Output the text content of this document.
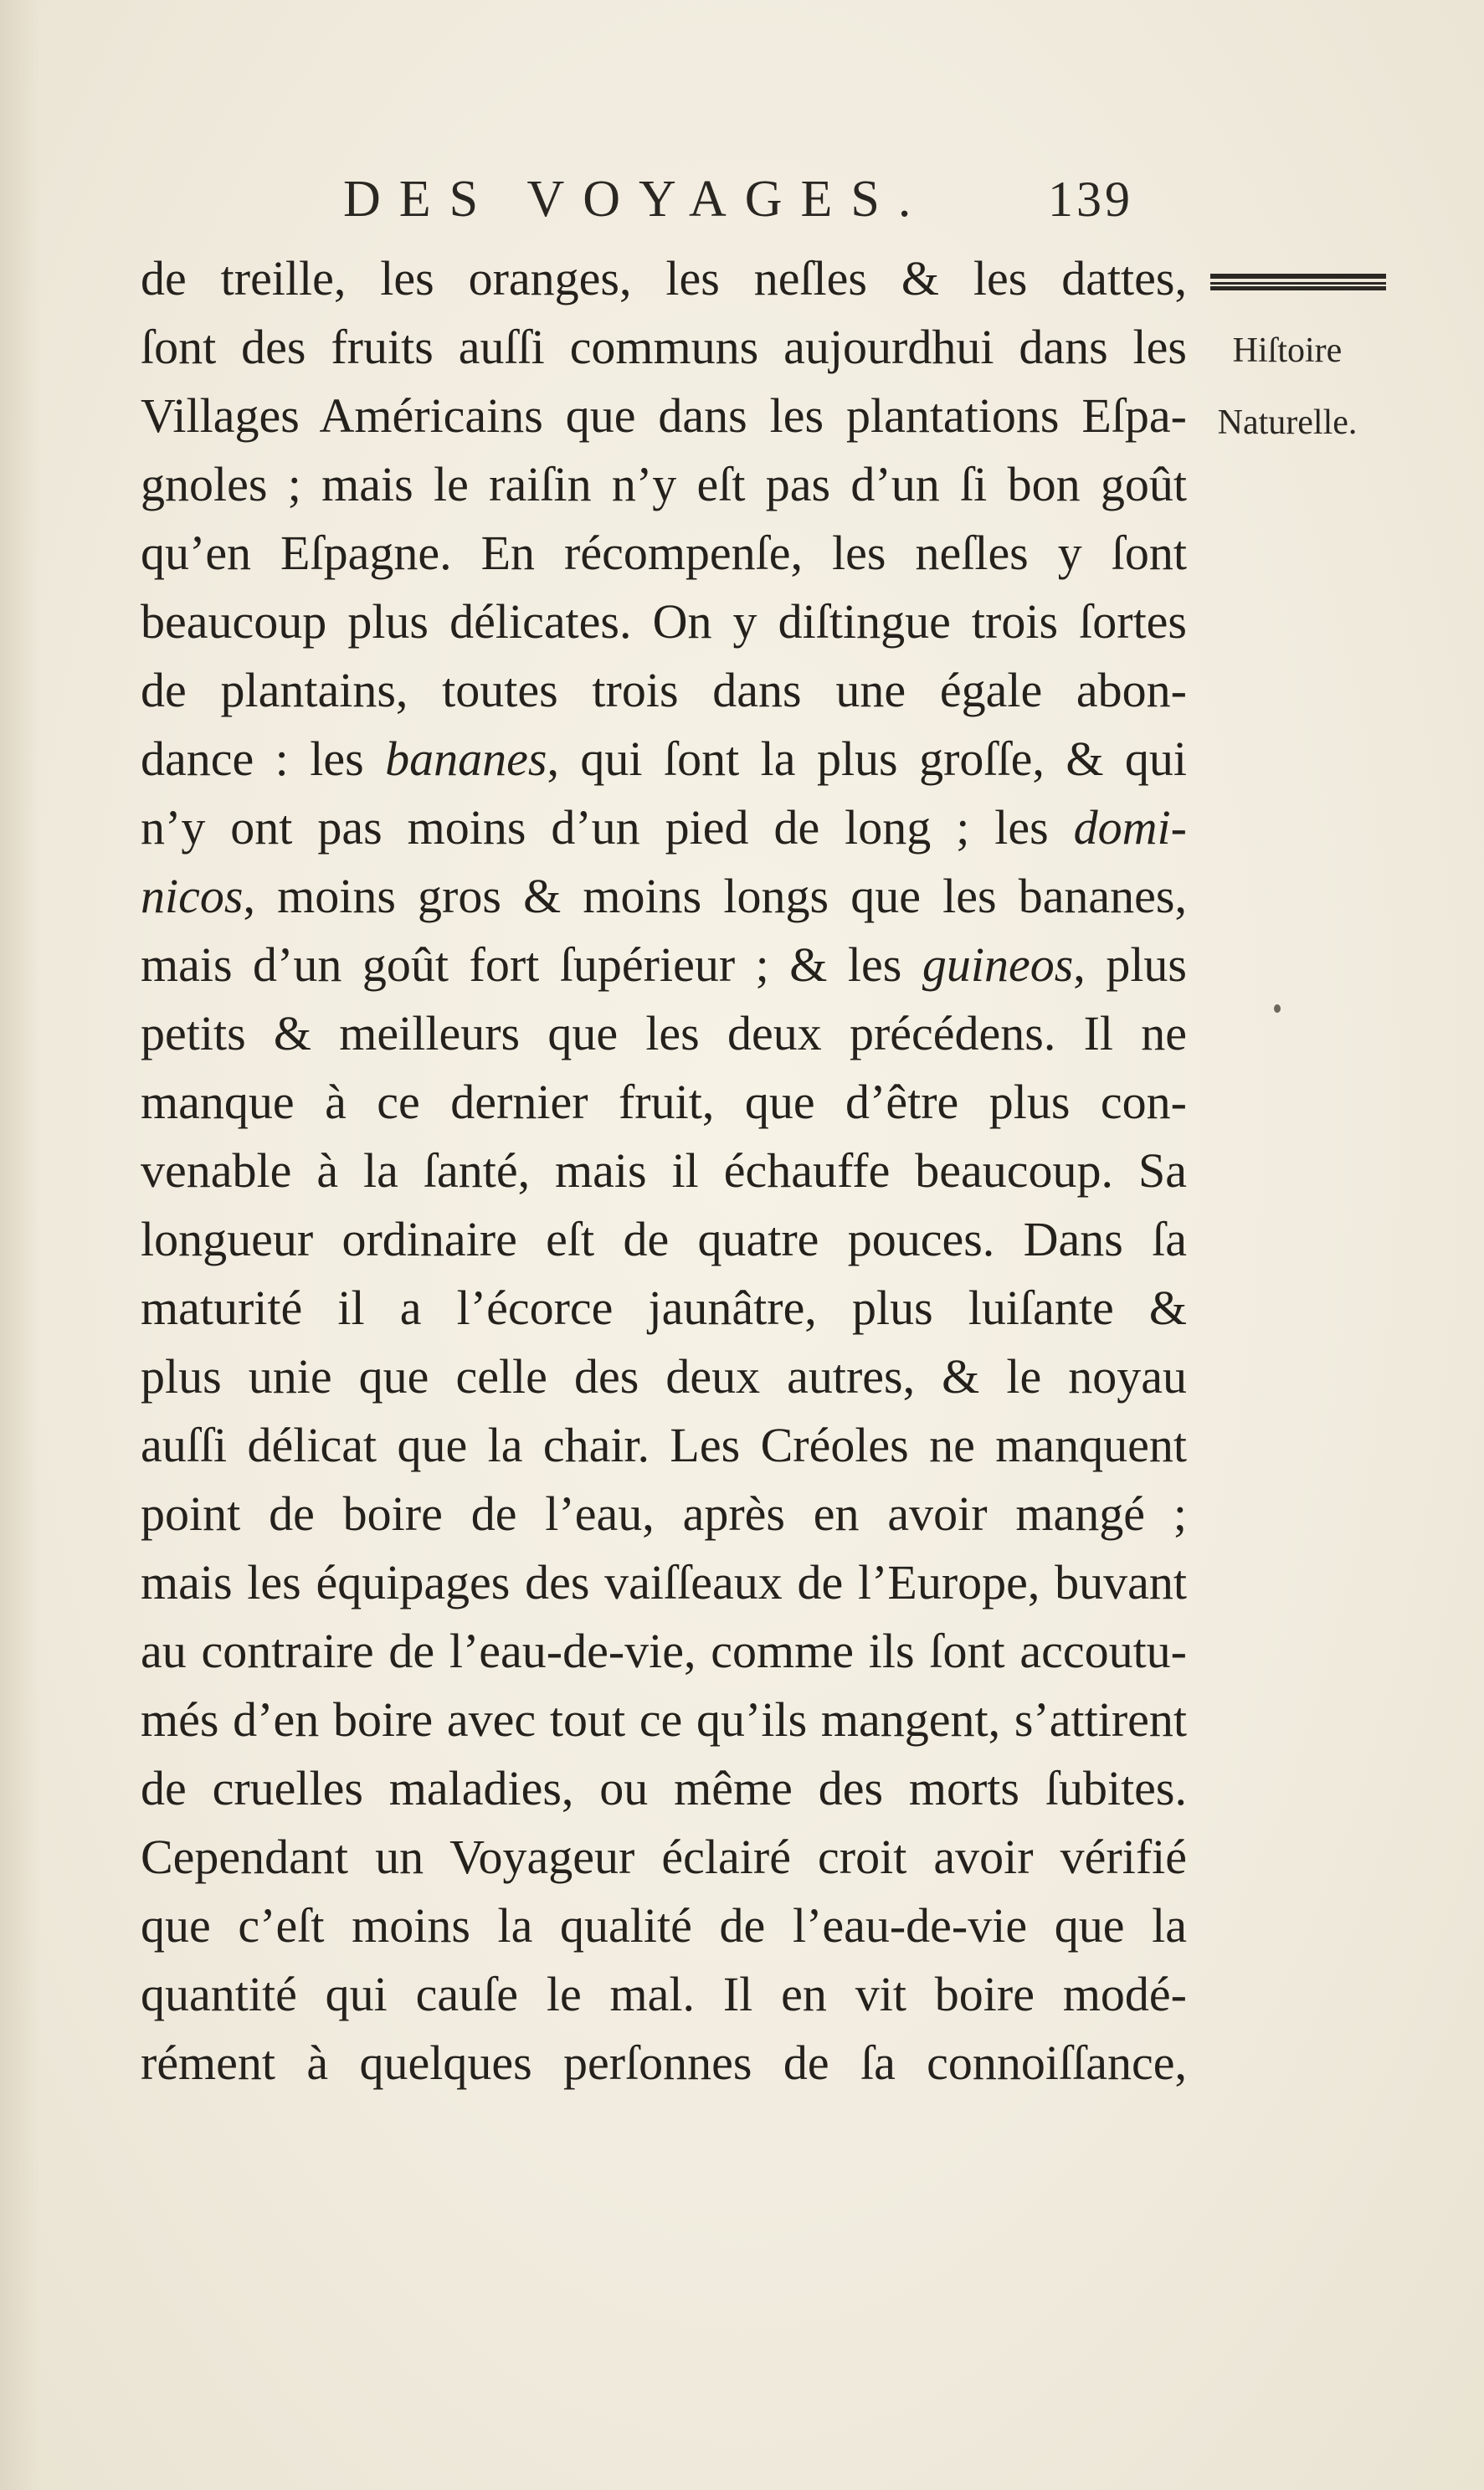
DES VOYAGES. 139
Hiſtoire
Naturelle.
de treille, les oranges, les neſles & les dattes,
ſont des fruits auſſi communs aujourdhui dans les
Villages Américains que dans les plantations Eſpa-
gnoles ; mais le raiſin n’y eſt pas d’un ſi bon goût
qu’en Eſpagne. En récompenſe, les neſles y ſont
beaucoup plus délicates. On y diſtingue trois ſortes
de plantains, toutes trois dans une égale abon-
dance : les bananes, qui ſont la plus groſſe, & qui
n’y ont pas moins d’un pied de long ; les domi-
nicos, moins gros & moins longs que les bananes,
mais d’un goût fort ſupérieur ; & les guineos, plus
petits & meilleurs que les deux précédens. Il ne
manque à ce dernier fruit, que d’être plus con-
venable à la ſanté, mais il échauffe beaucoup. Sa
longueur ordinaire eſt de quatre pouces. Dans ſa
maturité il a l’écorce jaunâtre, plus luiſante &
plus unie que celle des deux autres, & le noyau
auſſi délicat que la chair. Les Créoles ne manquent
point de boire de l’eau, après en avoir mangé ;
mais les équipages des vaiſſeaux de l’Europe, buvant
au contraire de l’eau-de-vie, comme ils ſont accoutu-
més d’en boire avec tout ce qu’ils mangent, s’attirent
de cruelles maladies, ou même des morts ſubites.
Cependant un Voyageur éclairé croit avoir vérifié
que c’eſt moins la qualité de l’eau-de-vie que la
quantité qui cauſe le mal. Il en vit boire modé-
rément à quelques perſonnes de ſa connoiſſance,
